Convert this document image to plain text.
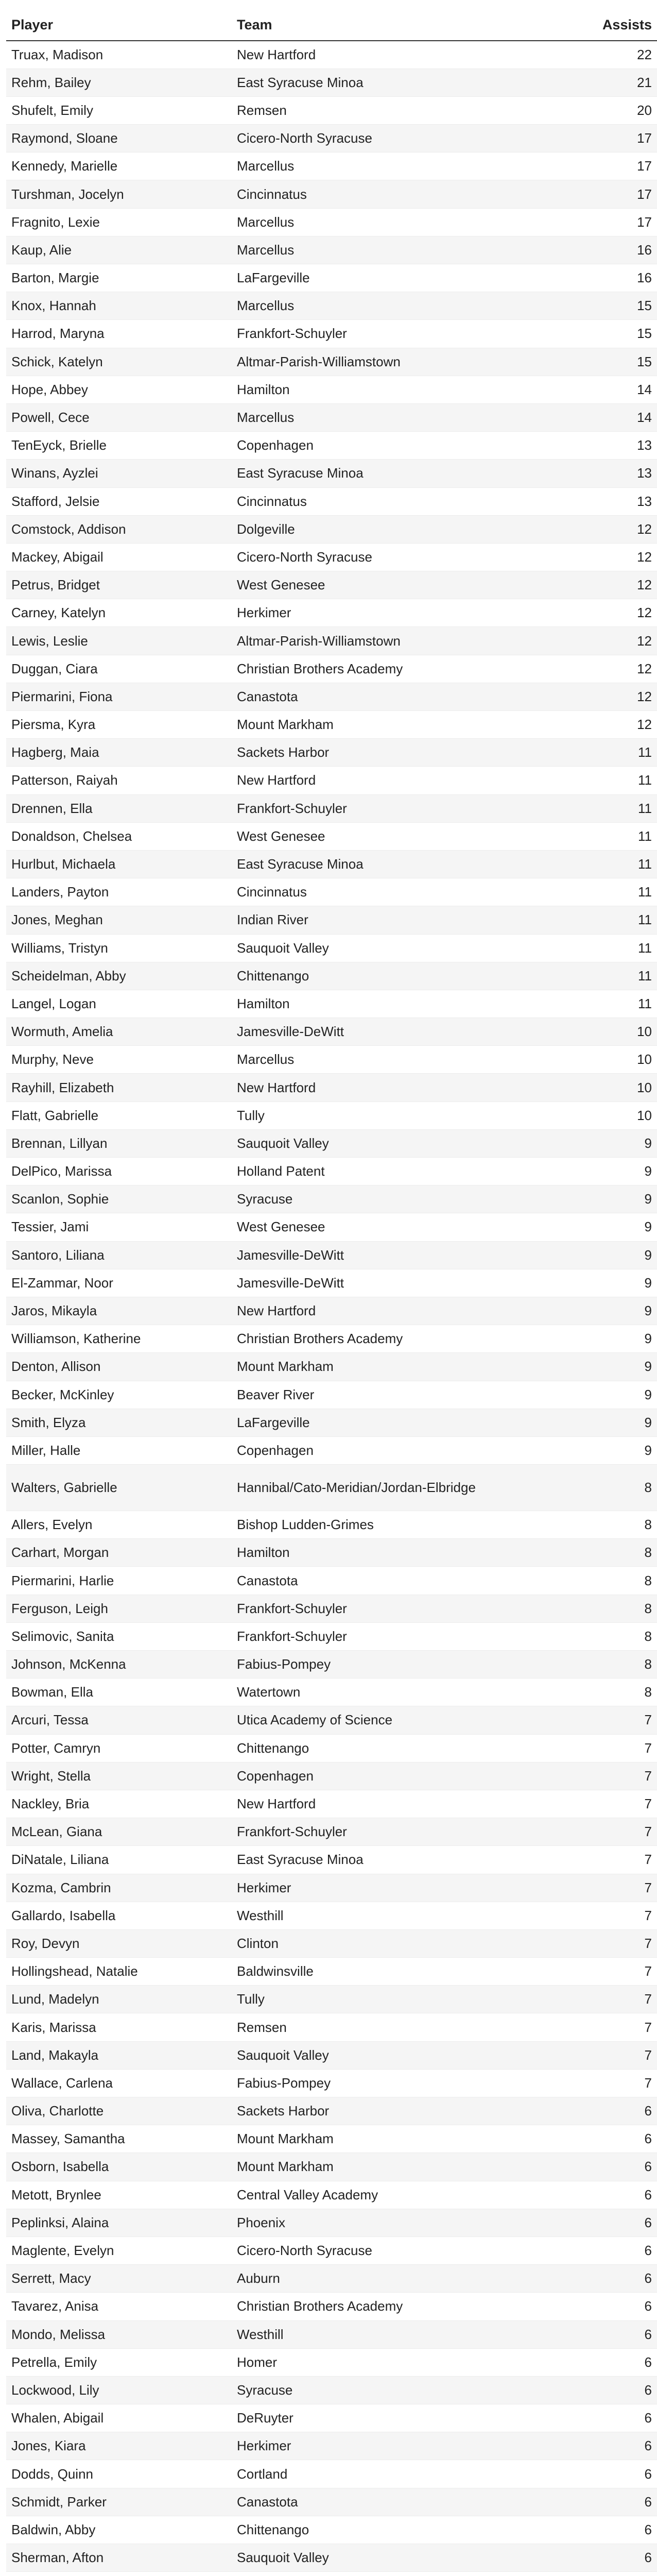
Player	Team	Assists
Truax, Madison	New Hartford	22
Rehm, Bailey	East Syracuse Minoa	21
Shufelt, Emily	Remsen	20
Raymond, Sloane	Cicero-North Syracuse	17
Kennedy, Marielle	Marcellus	17
Turshman, Jocelyn	Cincinnatus	17
Fragnito, Lexie	Marcellus	17
Kaup, Alie	Marcellus	16
Barton, Margie	LaFargeville	16
Knox, Hannah	Marcellus	15
Harrod, Maryna	Frankfort-Schuyler	15
Schick, Katelyn	Altmar-Parish-Williamstown	15
Hope, Abbey	Hamilton	14
Powell, Cece	Marcellus	14
TenEyck, Brielle	Copenhagen	13
Winans, Ayzlei	East Syracuse Minoa	13
Stafford, Jelsie	Cincinnatus	13
Comstock, Addison	Dolgeville	12
Mackey, Abigail	Cicero-North Syracuse	12
Petrus, Bridget	West Genesee	12
Carney, Katelyn	Herkimer	12
Lewis, Leslie	Altmar-Parish-Williamstown	12
Duggan, Ciara	Christian Brothers Academy	12
Piermarini, Fiona	Canastota	12
Piersma, Kyra	Mount Markham	12
Hagberg, Maia	Sackets Harbor	11
Patterson, Raiyah	New Hartford	11
Drennen, Ella	Frankfort-Schuyler	11
Donaldson, Chelsea	West Genesee	11
Hurlbut, Michaela	East Syracuse Minoa	11
Landers, Payton	Cincinnatus	11
Jones, Meghan	Indian River	11
Williams, Tristyn	Sauquoit Valley	11
Scheidelman, Abby	Chittenango	11
Langel, Logan	Hamilton	11
Wormuth, Amelia	Jamesville-DeWitt	10
Murphy, Neve	Marcellus	10
Rayhill, Elizabeth	New Hartford	10
Flatt, Gabrielle	Tully	10
Brennan, Lillyan	Sauquoit Valley	9
DelPico, Marissa	Holland Patent	9
Scanlon, Sophie	Syracuse	9
Tessier, Jami	West Genesee	9
Santoro, Liliana	Jamesville-DeWitt	9
El-Zammar, Noor	Jamesville-DeWitt	9
Jaros, Mikayla	New Hartford	9
Williamson, Katherine	Christian Brothers Academy	9
Denton, Allison	Mount Markham	9
Becker, McKinley	Beaver River	9
Smith, Elyza	LaFargeville	9
Miller, Halle	Copenhagen	9
Walters, Gabrielle	Hannibal/Cato-Meridian/Jordan-Elbridge	8
Allers, Evelyn	Bishop Ludden-Grimes	8
Carhart, Morgan	Hamilton	8
Piermarini, Harlie	Canastota	8
Ferguson, Leigh	Frankfort-Schuyler	8
Selimovic, Sanita	Frankfort-Schuyler	8
Johnson, McKenna	Fabius-Pompey	8
Bowman, Ella	Watertown	8
Arcuri, Tessa	Utica Academy of Science	7
Potter, Camryn	Chittenango	7
Wright, Stella	Copenhagen	7
Nackley, Bria	New Hartford	7
McLean, Giana	Frankfort-Schuyler	7
DiNatale, Liliana	East Syracuse Minoa	7
Kozma, Cambrin	Herkimer	7
Gallardo, Isabella	Westhill	7
Roy, Devyn	Clinton	7
Hollingshead, Natalie	Baldwinsville	7
Lund, Madelyn	Tully	7
Karis, Marissa	Remsen	7
Land, Makayla	Sauquoit Valley	7
Wallace, Carlena	Fabius-Pompey	7
Oliva, Charlotte	Sackets Harbor	6
Massey, Samantha	Mount Markham	6
Osborn, Isabella	Mount Markham	6
Metott, Brynlee	Central Valley Academy	6
Peplinksi, Alaina	Phoenix	6
Maglente, Evelyn	Cicero-North Syracuse	6
Serrett, Macy	Auburn	6
Tavarez, Anisa	Christian Brothers Academy	6
Mondo, Melissa	Westhill	6
Petrella, Emily	Homer	6
Lockwood, Lily	Syracuse	6
Whalen, Abigail	DeRuyter	6
Jones, Kiara	Herkimer	6
Dodds, Quinn	Cortland	6
Schmidt, Parker	Canastota	6
Baldwin, Abby	Chittenango	6
Sherman, Afton	Sauquoit Valley	6
